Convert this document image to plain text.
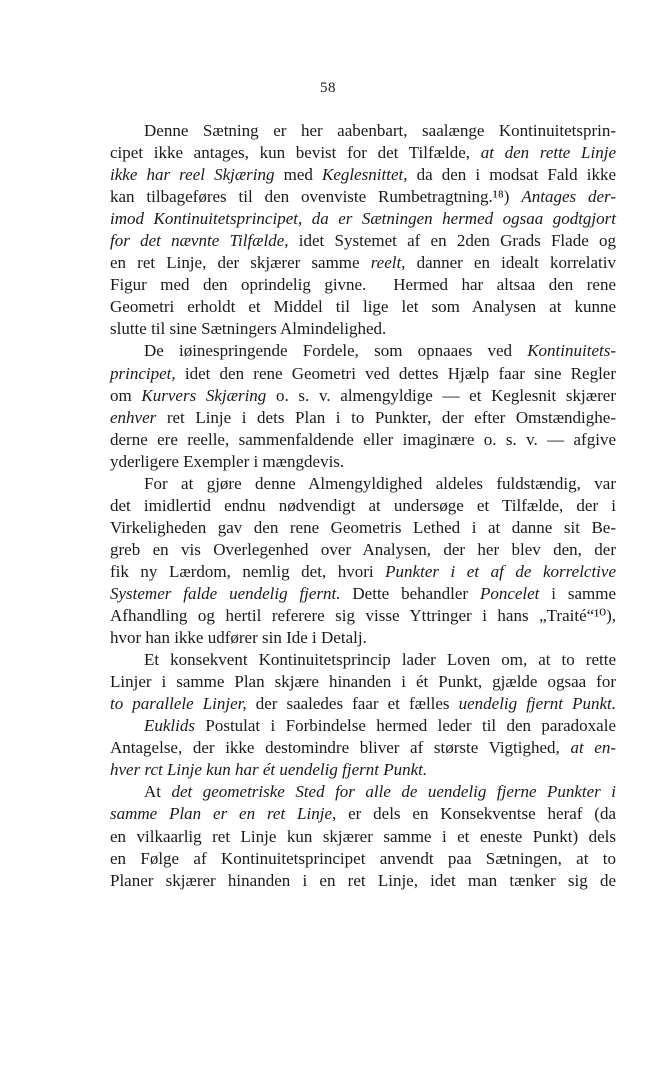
58
Denne Sætning er her aabenbart, saalænge Kontinuitetsprin-
cipet ikke antages, kun bevist for det Tilfælde, at den rette Linje
ikke har reel Skjæring med Keglesnittet, da den i modsat Fald ikke
kan tilbageføres til den ovenviste Rumbetragtning.¹⁸) Antages der-
imod Kontinuitetsprincipet, da er Sætningen hermed ogsaa godtgjort
for det nævnte Tilfælde, idet Systemet af en 2den Grads Flade og
en ret Linje, der skjærer samme reelt, danner en idealt korrelativ
Figur med den oprindelig givne.  Hermed har altsaa den rene
Geometri erholdt et Middel til lige let som Analysen at kunne
slutte til sine Sætningers Almindelighed.
De iøinespringende Fordele, som opnaaes ved Kontinuitets-
principet, idet den rene Geometri ved dettes Hjælp faar sine Regler
om Kurvers Skjæring o. s. v. almengyldige — et Keglesnit skjærer
enhver ret Linje i dets Plan i to Punkter, der efter Omstændighe-
derne ere reelle, sammenfaldende eller imaginære o. s. v. — afgive
yderligere Exempler i mængdevis.
For at gjøre denne Almengyldighed aldeles fuldstændig, var
det imidlertid endnu nødvendigt at undersøge et Tilfælde, der i
Virkeligheden gav den rene Geometris Lethed i at danne sit Be-
greb en vis Overlegenhed over Analysen, der her blev den, der
fik ny Lærdom, nemlig det, hvori Punkter i et af de korrelctive
Systemer falde uendelig fjernt. Dette behandler Poncelet i samme
Afhandling og hertil referere sig visse Yttringer i hans „Traité“¹⁰),
hvor han ikke udfører sin Ide i Detalj.
Et konsekvent Kontinuitetsprincip lader Loven om, at to rette
Linjer i samme Plan skjære hinanden i ét Punkt, gjælde ogsaa for
to parallele Linjer, der saaledes faar et fælles uendelig fjernt Punkt.
Euklids Postulat i Forbindelse hermed leder til den paradoxale
Antagelse, der ikke destomindre bliver af største Vigtighed, at en-
hver rct Linje kun har ét uendelig fjernt Punkt.
At det geometriske Sted for alle de uendelig fjerne Punkter i
samme Plan er en ret Linje, er dels en Konsekventse heraf (da
en vilkaarlig ret Linje kun skjærer samme i et eneste Punkt) dels
en Følge af Kontinuitetsprincipet anvendt paa Sætningen, at to
Planer skjærer hinanden i en ret Linje, idet man tænker sig de
